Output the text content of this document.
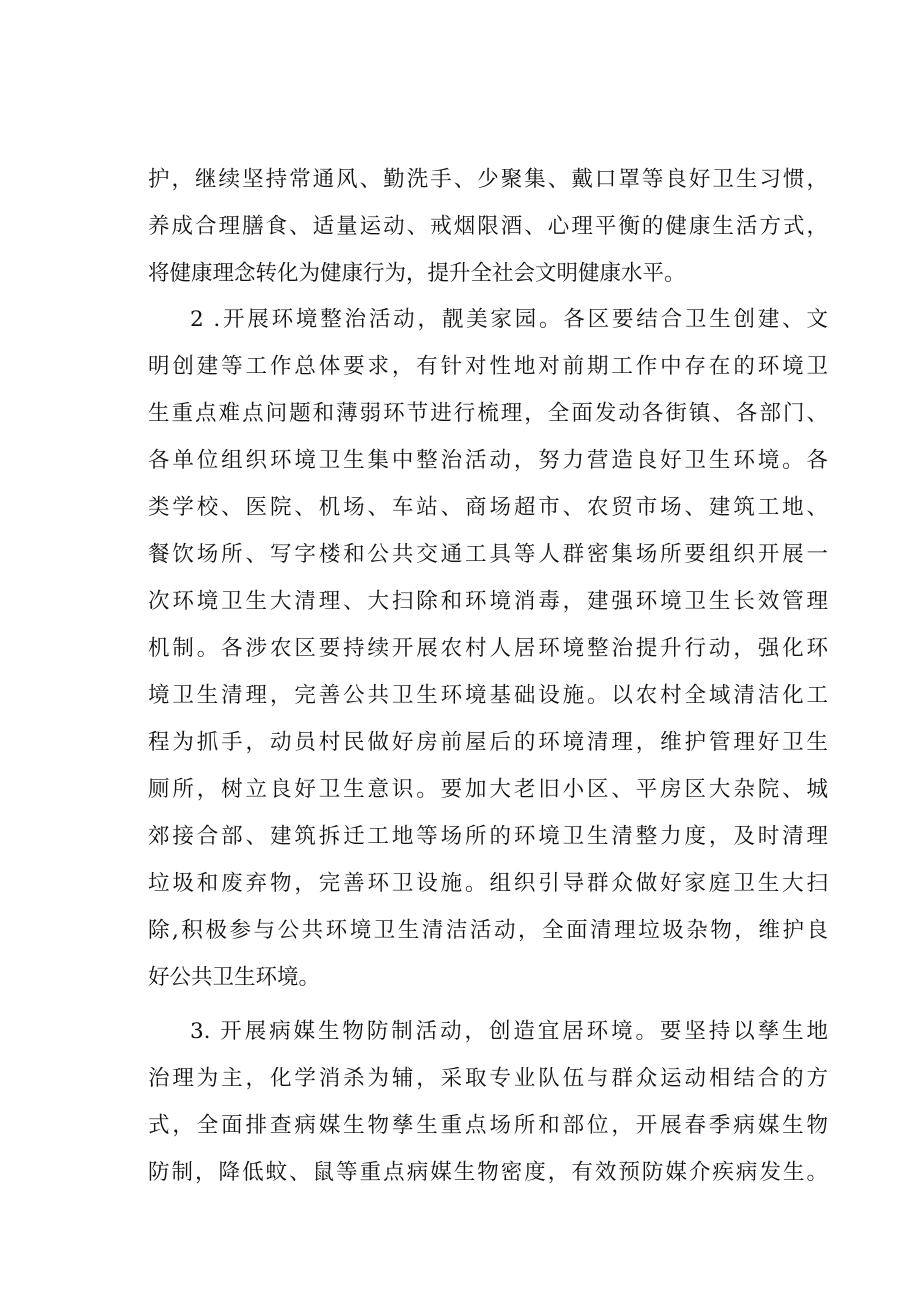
护，继续坚持常通风、勤洗手、少聚集、戴口罩等良好卫生习惯，
养成合理膳食、适量运动、戒烟限酒、心理平衡的健康生活方式，
将健康理念转化为健康行为，提升全社会文明健康水平。
2 .开展环境整治活动，靓美家园。各区要结合卫生创建、文
明创建等工作总体要求，有针对性地对前期工作中存在的环境卫
生重点难点问题和薄弱环节进行梳理，全面发动各街镇、各部门、
各单位组织环境卫生集中整治活动，努力营造良好卫生环境。各
类学校、医院、机场、车站、商场超市、农贸市场、建筑工地、
餐饮场所、写字楼和公共交通工具等人群密集场所要组织开展一
次环境卫生大清理、大扫除和环境消毒，建强环境卫生长效管理
机制。各涉农区要持续开展农村人居环境整治提升行动，强化环
境卫生清理，完善公共卫生环境基础设施。以农村全域清洁化工
程为抓手，动员村民做好房前屋后的环境清理，维护管理好卫生
厕所，树立良好卫生意识。要加大老旧小区、平房区大杂院、城
郊接合部、建筑拆迁工地等场所的环境卫生清整力度，及时清理
垃圾和废弃物，完善环卫设施。组织引导群众做好家庭卫生大扫
除,积极参与公共环境卫生清洁活动，全面清理垃圾杂物，维护良
好公共卫生环境。
3. 开展病媒生物防制活动，创造宜居环境。要坚持以孳生地
治理为主，化学消杀为辅，采取专业队伍与群众运动相结合的方
式，全面排查病媒生物孳生重点场所和部位，开展春季病媒生物
防制，降低蚊、鼠等重点病媒生物密度，有效预防媒介疾病发生。
